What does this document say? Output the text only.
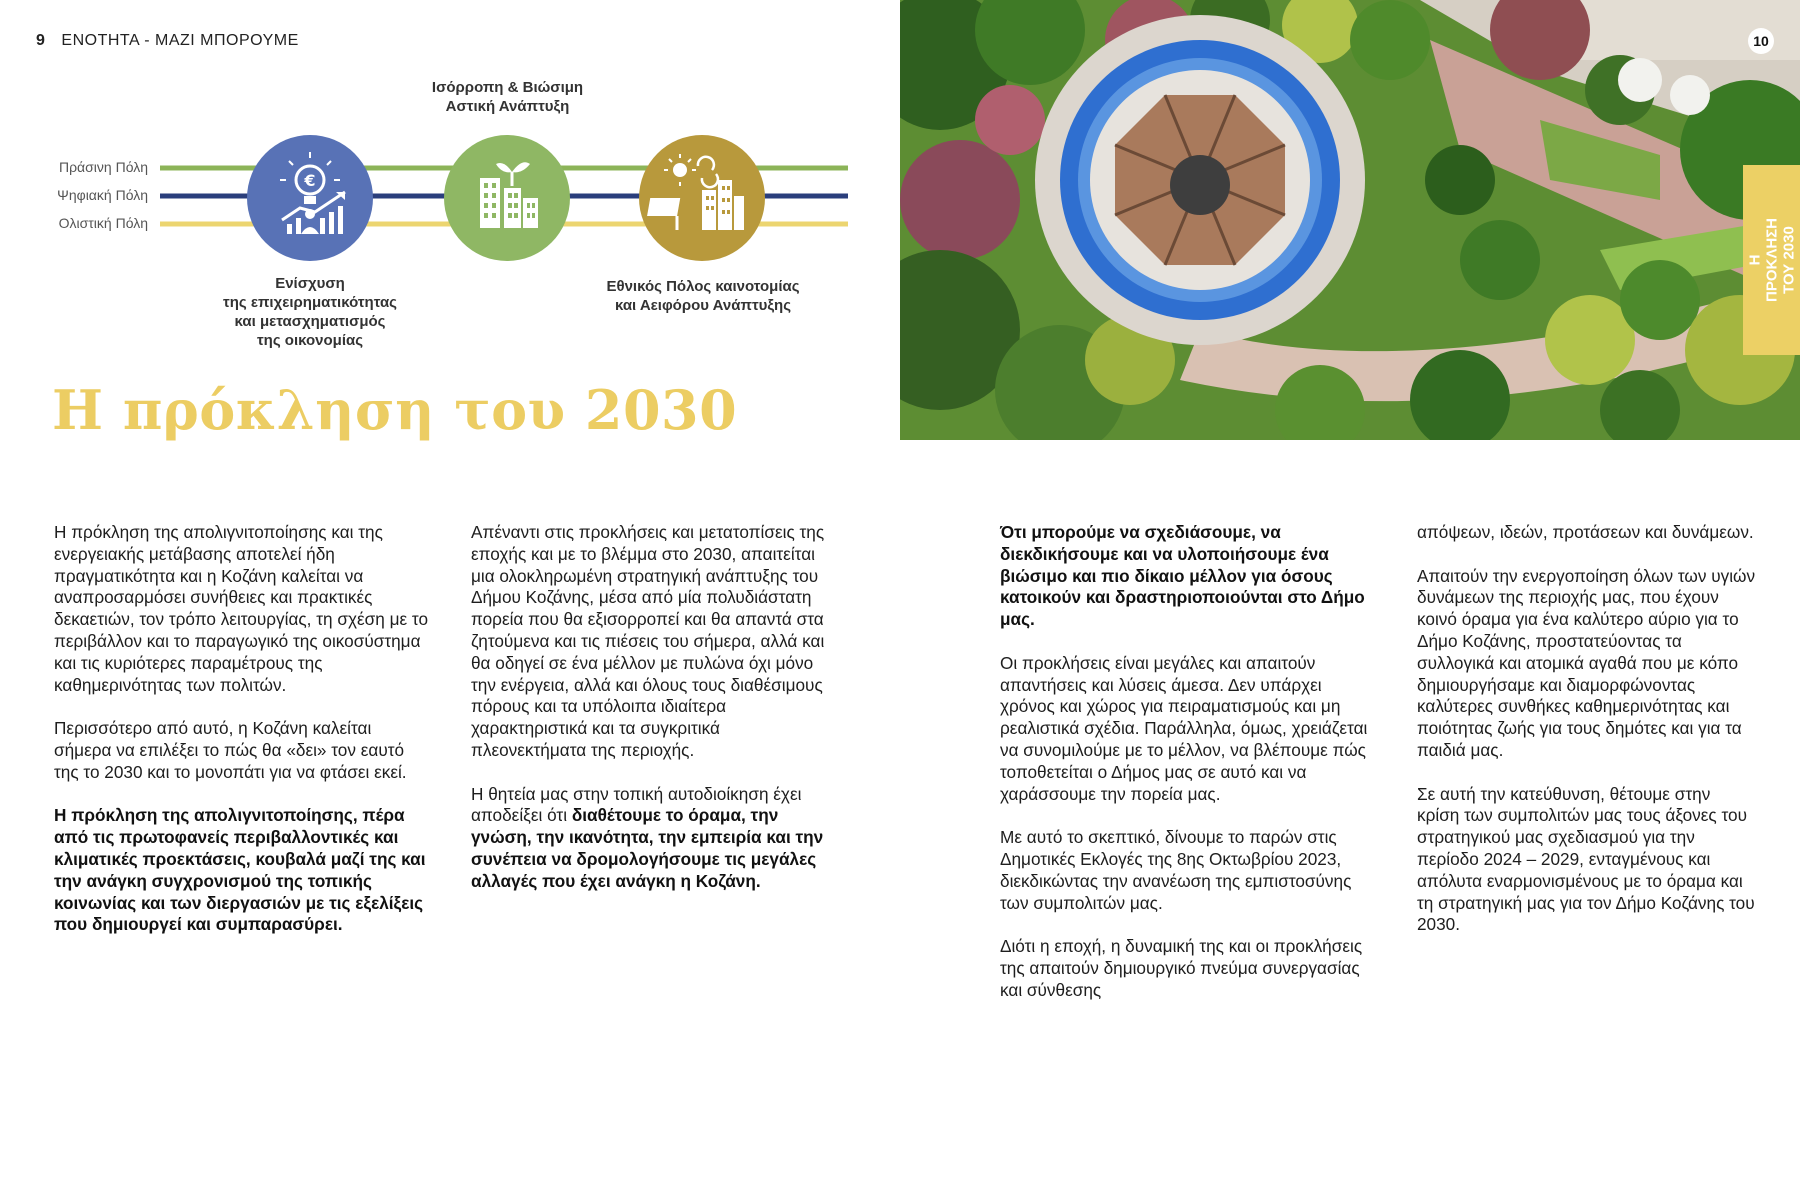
9 ΕΝΟΤΗΤΑ - ΜΑΖΙ ΜΠΟΡΟΥΜΕ
Ισόρροπη & Βιώσιμη
Αστική Ανάπτυξη
Πράσινη Πόλη
Ψηφιακή Πόλη
Ολιστική Πόλη
€
Ενίσχυση
της επιχειρηματικότητας
και μετασχηματισμός
της οικονομίας
Εθνικός Πόλος καινοτομίας
και Αειφόρου Ανάπτυξης
Η πρόκληση του 2030
10
Η ΠΡΟΚΛΗΣΗ
ΤΟΥ 2030

Η πρόκληση της απολιγνιτοποίησης και της ενεργειακής μετάβασης αποτελεί ήδη πραγματικότητα και η Κοζάνη καλείται να αναπροσαρμόσει συνήθειες και πρακτικές δεκαετιών, τον τρόπο λειτουργίας, τη σχέση με το περιβάλλον και το παραγωγικό της οικοσύστημα και τις κυριότερες παραμέτρους της καθημερινότητας των πολιτών.

Περισσότερο από αυτό, η Κοζάνη καλείται σήμερα να επιλέξει το πώς θα «δει» τον εαυτό της το 2030 και το μονοπάτι για να φτάσει εκεί.

Η πρόκληση της απολιγνιτοποίησης, πέρα από τις πρωτοφανείς περιβαλλοντικές και κλιματικές προεκτάσεις, κουβαλά μαζί της και την ανάγκη συγχρονισμού της τοπικής κοινωνίας και των διεργασιών με τις εξελίξεις που δημιουργεί και συμπαρασύρει.

Απέναντι στις προκλήσεις και μετατοπίσεις της εποχής και με το βλέμμα στο 2030, απαιτείται μια ολοκληρωμένη στρατηγική ανάπτυξης του Δήμου Κοζάνης, μέσα από μία πολυδιάστατη πορεία που θα εξισορροπεί και θα απαντά στα ζητούμενα και τις πιέσεις του σήμερα, αλλά και θα οδηγεί σε ένα μέλλον με πυλώνα όχι μόνο την ενέργεια, αλλά και όλους τους διαθέσιμους πόρους και τα υπόλοιπα ιδιαίτερα χαρακτηριστικά και τα συγκριτικά πλεονεκτήματα της περιοχής.

Η θητεία μας στην τοπική αυτοδιοίκηση έχει αποδείξει ότι διαθέτουμε το όραμα, την γνώση, την ικανότητα, την εμπειρία και την συνέπεια να δρομολογήσουμε τις μεγάλες αλλαγές που έχει ανάγκη η Κοζάνη.

Ότι μπορούμε να σχεδιάσουμε, να διεκδικήσουμε και να υλοποιήσουμε ένα βιώσιμο και πιο δίκαιο μέλλον για όσους κατοικούν και δραστηριοποιούνται στο Δήμο μας.

Οι προκλήσεις είναι μεγάλες και απαιτούν απαντήσεις και λύσεις άμεσα. Δεν υπάρχει χρόνος και χώρος για πειραματισμούς και μη ρεαλιστικά σχέδια. Παράλληλα, όμως, χρειάζεται να συνομιλούμε με το μέλλον, να βλέπουμε πώς τοποθετείται ο Δήμος μας σε αυτό και να χαράσσουμε την πορεία μας.

Με αυτό το σκεπτικό, δίνουμε το παρών στις Δημοτικές Εκλογές της 8ης Οκτωβρίου 2023, διεκδικώντας την ανανέωση της εμπιστοσύνης των συμπολιτών μας.

Διότι η εποχή, η δυναμική της και οι προκλήσεις της απαιτούν δημιουργικό πνεύμα συνεργασίας και σύνθεσης

απόψεων, ιδεών, προτάσεων και δυνάμεων.

Απαιτούν την ενεργοποίηση όλων των υγιών δυνάμεων της περιοχής μας, που έχουν κοινό όραμα για ένα καλύτερο αύριο για το Δήμο Κοζάνης, προστατεύοντας τα συλλογικά και ατομικά αγαθά που με κόπο δημιουργήσαμε και διαμορφώνοντας καλύτερες συνθήκες καθημερινότητας και ποιότητας ζωής για τους δημότες και για τα παιδιά μας.

Σε αυτή την κατεύθυνση, θέτουμε στην κρίση των συμπολιτών μας τους άξονες του στρατηγικού μας σχεδιασμού για την περίοδο 2024 – 2029, ενταγμένους και απόλυτα εναρμονισμένους με το όραμα και τη στρατηγική μας για τον Δήμο Κοζάνης του 2030.
